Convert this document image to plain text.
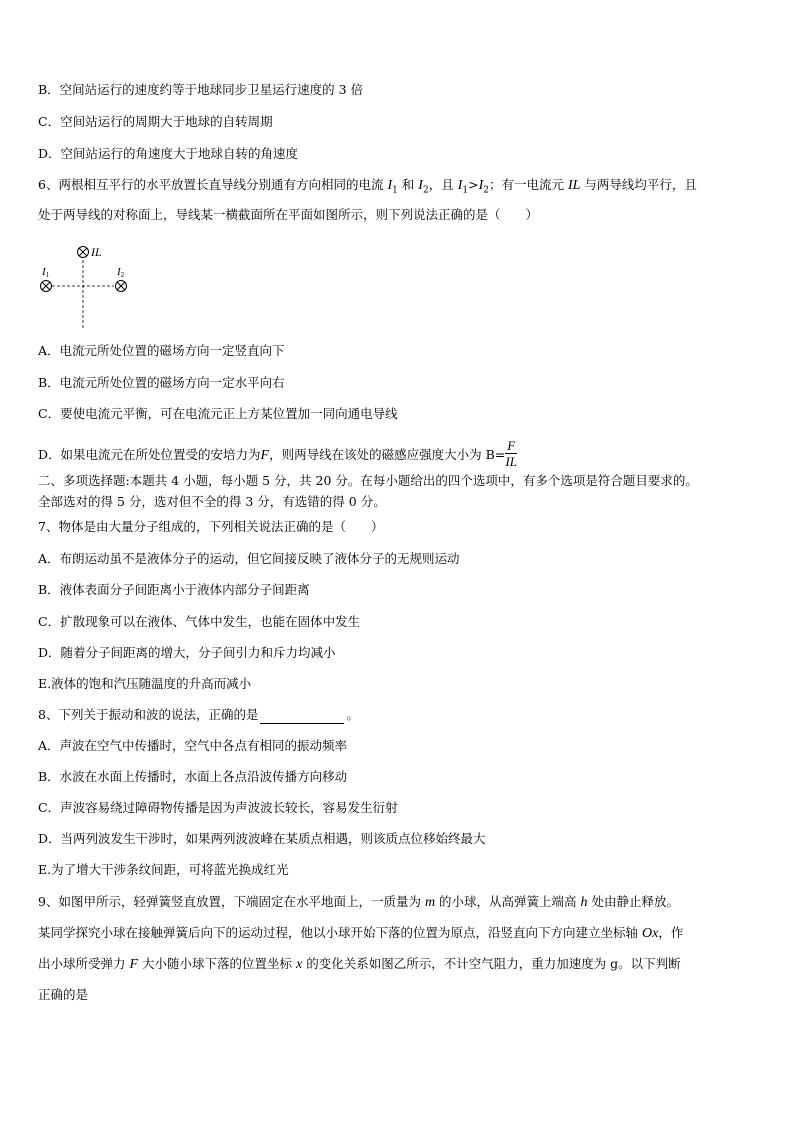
B．空间站运行的速度约等于地球同步卫星运行速度的 3 倍
C．空间站运行的周期大于地球的自转周期
D．空间站运行的角速度大于地球自转的角速度
6、两根相互平行的水平放置长直导线分别通有方向相同的电流 $I_1$ 和 $I_2$，且 $I_1>I_2$；有一电流元 IL 与两导线均平行，且
处于两导线的对称面上，导线某一横截面所在平面如图所示，则下列说法正确的是（　　）
IL
I1	I2
A．电流元所处位置的磁场方向一定竖直向下
B．电流元所处位置的磁场方向一定水平向右
C．要使电流元平衡，可在电流元正上方某位置加一同向通电导线
D．如果电流元在所处位置受的安培力为F，则两导线在该处的磁感应强度大小为 $B= \frac{F}{IL}$
二、多项选择题:本题共 4 小题，每小题 5 分，共 20 分。在每小题给出的四个选项中，有多个选项是符合题目要求的。
全部选对的得 5 分，选对但不全的得 3 分，有选错的得 0 分。
7、物体是由大量分子组成的，下列相关说法正确的是（　　）
A．布朗运动虽不是液体分子的运动，但它间接反映了液体分子的无规则运动
B．液体表面分子间距离小于液体内部分子间距离
C．扩散现象可以在液体、气体中发生，也能在固体中发生
D．随着分子间距离的增大，分子间引力和斥力均减小
E.液体的饱和汽压随温度的升高而减小
8、下列关于振动和波的说法，正确的是	。
A．声波在空气中传播时，空气中各点有相同的振动频率
B．水波在水面上传播时，水面上各点沿波传播方向移动
C．声波容易绕过障碍物传播是因为声波波长较长，容易发生衍射
D．当两列波发生干涉时，如果两列波波峰在某质点相遇，则该质点位移始终最大
E.为了增大干涉条纹间距，可将蓝光换成红光
9、如图甲所示，轻弹簧竖直放置，下端固定在水平地面上，一质量为 m 的小球，从高弹簧上端高 h 处由静止释放。
某同学探究小球在接触弹簧后向下的运动过程，他以小球开始下落的位置为原点，沿竖直向下方向建立坐标轴 Ox，作
出小球所受弹力 F 大小随小球下落的位置坐标 x 的变化关系如图乙所示，不计空气阻力，重力加速度为 g。以下判断
正确的是
